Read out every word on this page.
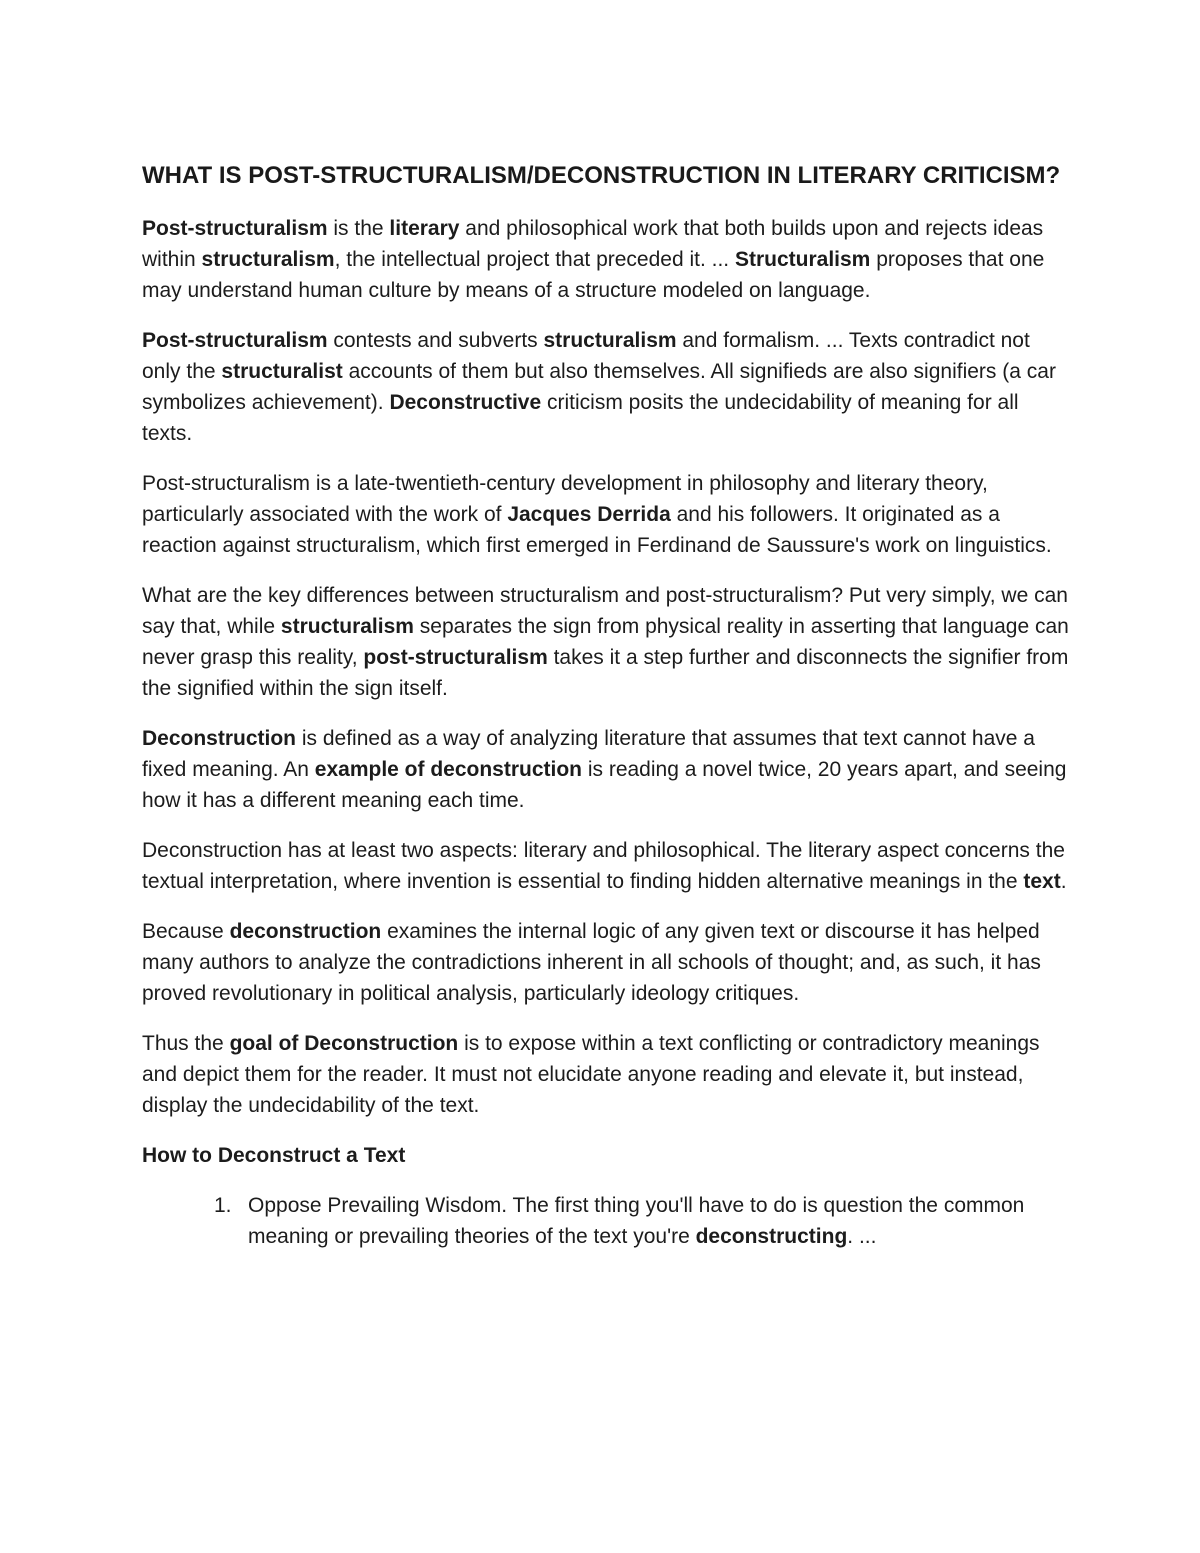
WHAT IS POST-STRUCTURALISM/DECONSTRUCTION IN LITERARY CRITICISM?

Post-structuralism is the literary and philosophical work that both builds upon and rejects ideas within structuralism, the intellectual project that preceded it. ... Structuralism proposes that one may understand human culture by means of a structure modeled on language.

Post-structuralism contests and subverts structuralism and formalism. ... Texts contradict not only the structuralist accounts of them but also themselves. All signifieds are also signifiers (a car symbolizes achievement). Deconstructive criticism posits the undecidability of meaning for all texts.

Post-structuralism is a late-twentieth-century development in philosophy and literary theory, particularly associated with the work of Jacques Derrida and his followers. It originated as a reaction against structuralism, which first emerged in Ferdinand de Saussure's work on linguistics.

What are the key differences between structuralism and post-structuralism? Put very simply, we can say that, while structuralism separates the sign from physical reality in asserting that language can never grasp this reality, post-structuralism takes it a step further and disconnects the signifier from the signified within the sign itself.

Deconstruction is defined as a way of analyzing literature that assumes that text cannot have a fixed meaning. An example of deconstruction is reading a novel twice, 20 years apart, and seeing how it has a different meaning each time.

Deconstruction has at least two aspects: literary and philosophical. The literary aspect concerns the textual interpretation, where invention is essential to finding hidden alternative meanings in the text.

Because deconstruction examines the internal logic of any given text or discourse it has helped many authors to analyze the contradictions inherent in all schools of thought; and, as such, it has proved revolutionary in political analysis, particularly ideology critiques.

Thus the goal of Deconstruction is to expose within a text conflicting or contradictory meanings and depict them for the reader. It must not elucidate anyone reading and elevate it, but instead, display the undecidability of the text.

How to Deconstruct a Text
1. Oppose Prevailing Wisdom. The first thing you'll have to do is question the common meaning or prevailing theories of the text you're deconstructing. ...
